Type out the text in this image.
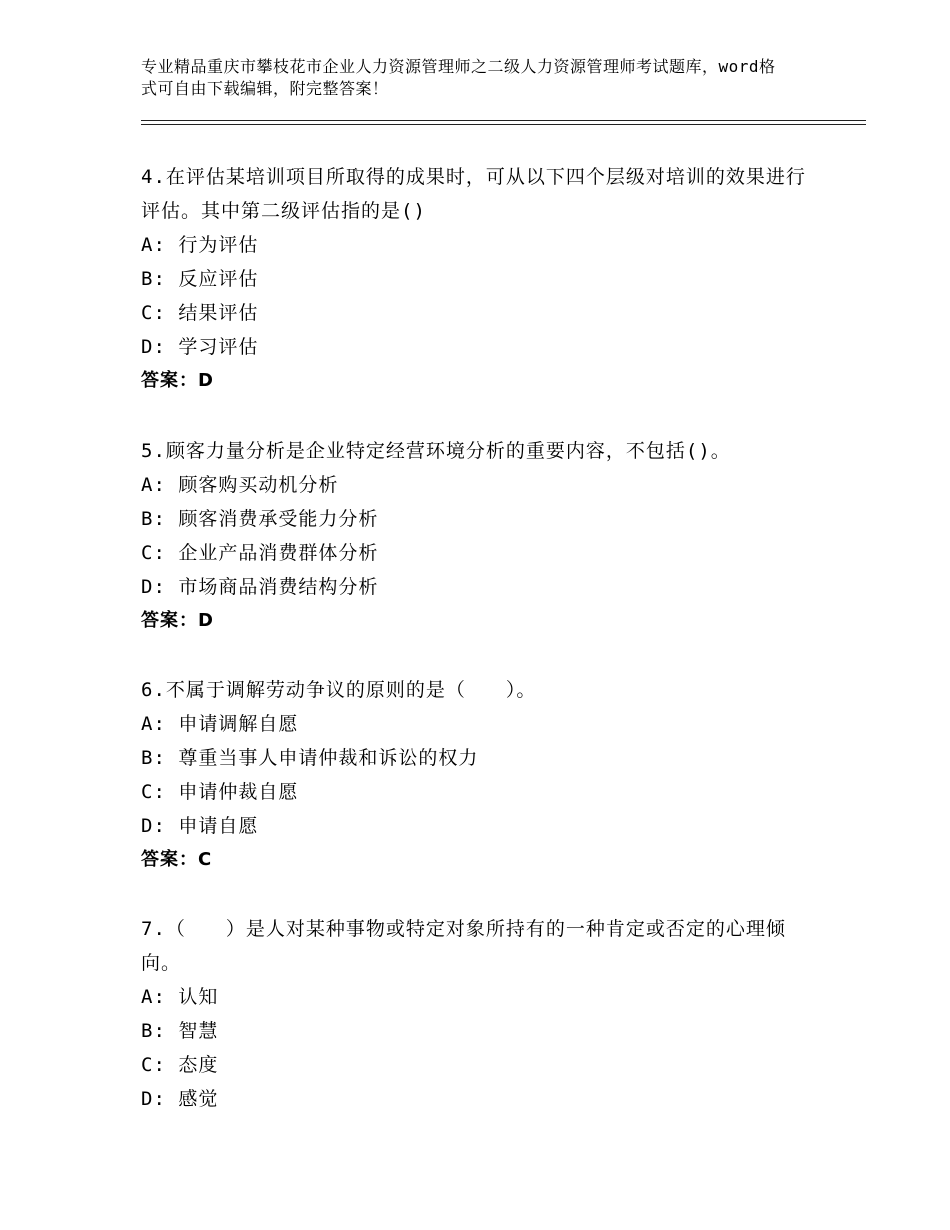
专业精品重庆市攀枝花市企业人力资源管理师之二级人力资源管理师考试题库，word格式可自由下载编辑，附完整答案！
4.在评估某培训项目所取得的成果时，可从以下四个层级对培训的效果进行评估。其中第二级评估指的是()
A: 行为评估
B: 反应评估
C: 结果评估
D: 学习评估
答案：D
5.顾客力量分析是企业特定经营环境分析的重要内容，不包括()。
A: 顾客购买动机分析
B: 顾客消费承受能力分析
C: 企业产品消费群体分析
D: 市场商品消费结构分析
答案：D
6.不属于调解劳动争议的原则的是（　　）。
A: 申请调解自愿
B: 尊重当事人申请仲裁和诉讼的权力
C: 申请仲裁自愿
D: 申请自愿
答案：C
7.（　　）是人对某种事物或特定对象所持有的一种肯定或否定的心理倾向。
A: 认知
B: 智慧
C: 态度
D: 感觉
